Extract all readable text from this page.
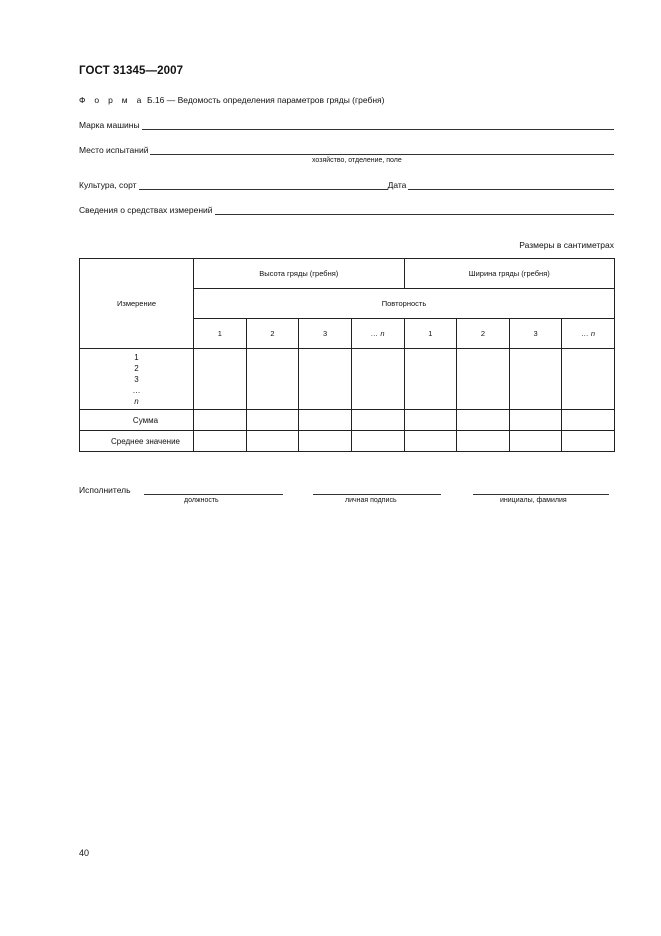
ГОСТ 31345—2007
Ф о р м а Б.16 — Ведомость определения параметров гряды (гребня)
Марка машины
Место испытаний
хозяйство, отделение, поле
Культура, сорт	Дата
Сведения о средствах измерений
Размеры в сантиметрах
Измерение	Высота гряды (гребня)				Ширина гряды (гребня)			
	Повторность							
	1	2	3	… n	1	2	3	… n

1
2
3
…
n								

Сумма								
Среднее значение								
Исполнитель
должность	личная подпись	инициалы, фамилия
40
